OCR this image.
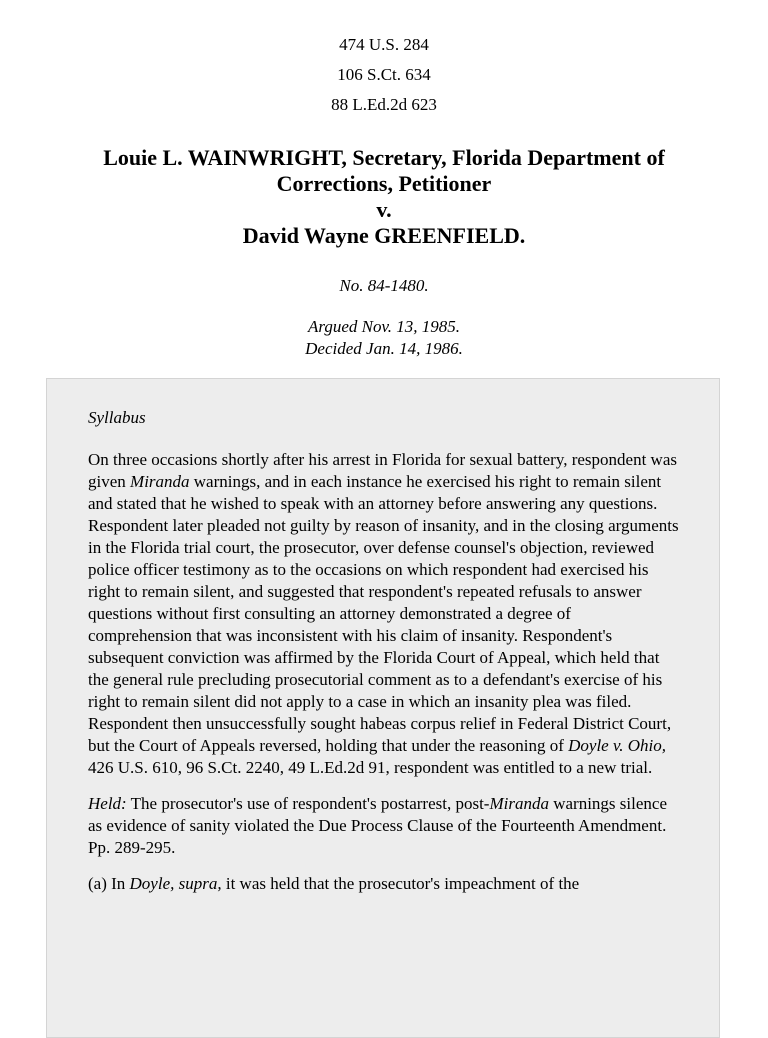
474 U.S. 284
106 S.Ct. 634
88 L.Ed.2d 623
Louie L. WAINWRIGHT, Secretary, Florida Department of
Corrections, Petitioner
v.
David Wayne GREENFIELD.
No. 84-1480.
Argued Nov. 13, 1985.
Decided Jan. 14, 1986.
Syllabus

On three occasions shortly after his arrest in Florida for sexual battery, respondent was given Miranda warnings, and in each instance he exercised his right to remain silent and stated that he wished to speak with an attorney before answering any questions. Respondent later pleaded not guilty by reason of insanity, and in the closing arguments in the Florida trial court, the prosecutor, over defense counsel's objection, reviewed police officer testimony as to the occasions on which respondent had exercised his right to remain silent, and suggested that respondent's repeated refusals to answer questions without first consulting an attorney demonstrated a degree of comprehension that was inconsistent with his claim of insanity. Respondent's subsequent conviction was affirmed by the Florida Court of Appeal, which held that the general rule precluding prosecutorial comment as to a defendant's exercise of his right to remain silent did not apply to a case in which an insanity plea was filed. Respondent then unsuccessfully sought habeas corpus relief in Federal District Court, but the Court of Appeals reversed, holding that under the reasoning of Doyle v. Ohio, 426 U.S. 610, 96 S.Ct. 2240, 49 L.Ed.2d 91, respondent was entitled to a new trial.

Held: The prosecutor's use of respondent's postarrest, post-Miranda warnings silence as evidence of sanity violated the Due Process Clause of the Fourteenth Amendment. Pp. 289-295.

(a) In Doyle, supra, it was held that the prosecutor's impeachment of the
